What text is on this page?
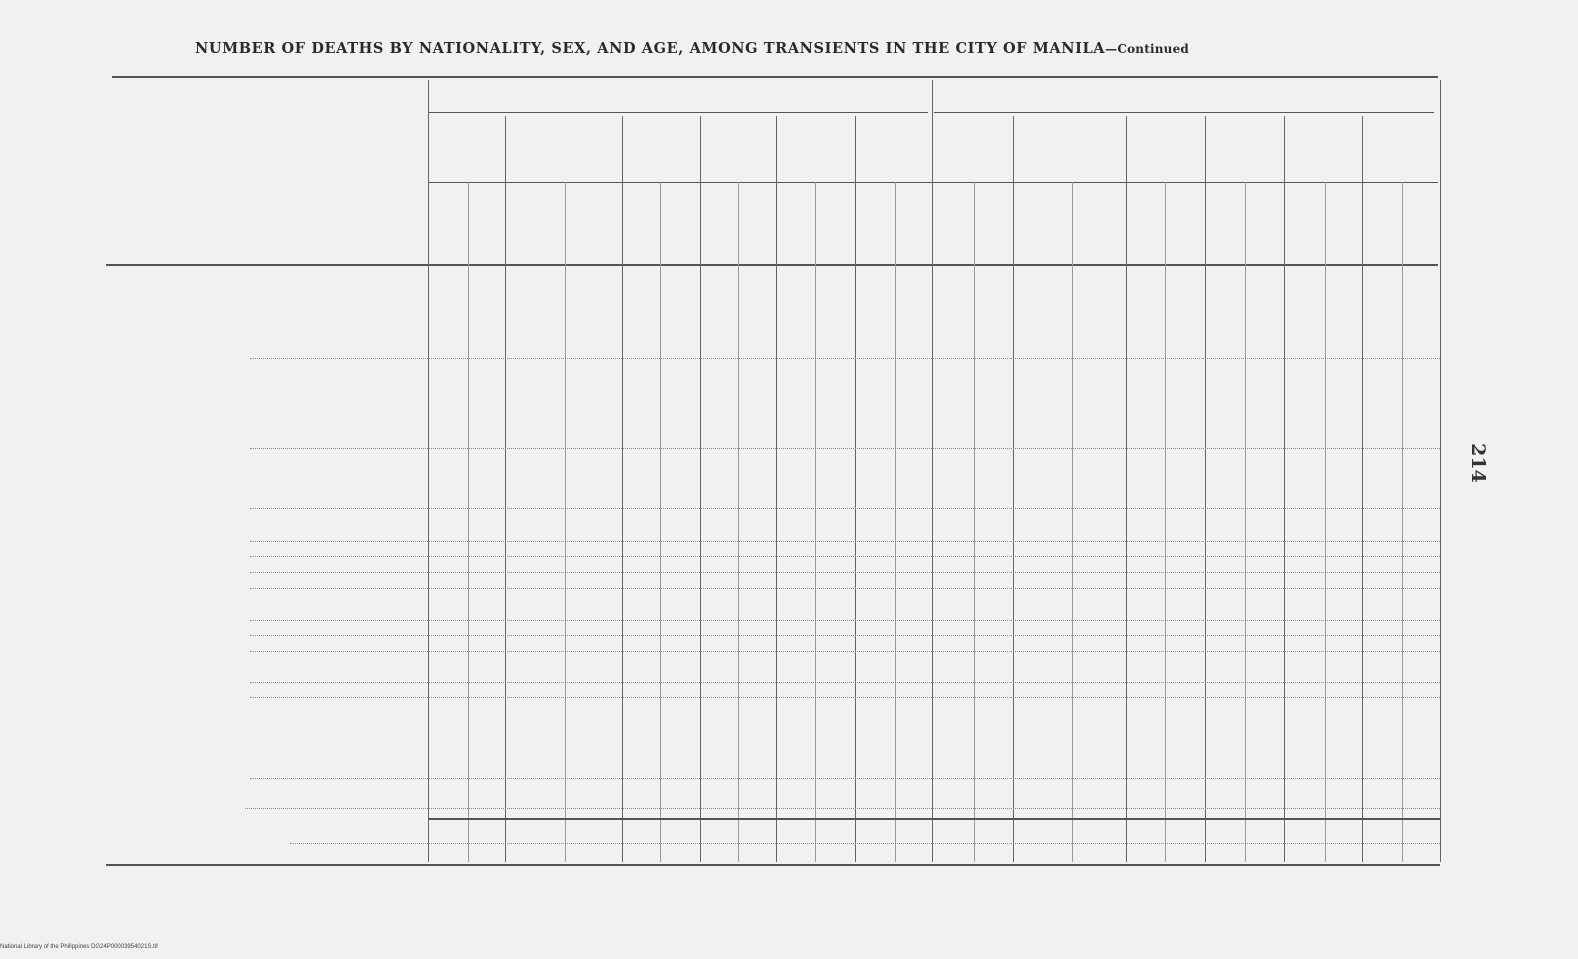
NUMBER OF DEATHS BY NATIONALITY, SEX, AND AGE, AMONG TRANSIENTS IN THE CITY OF MANILA—Continued
214
National Library of the Philippines DG24P00003954021S.tif
